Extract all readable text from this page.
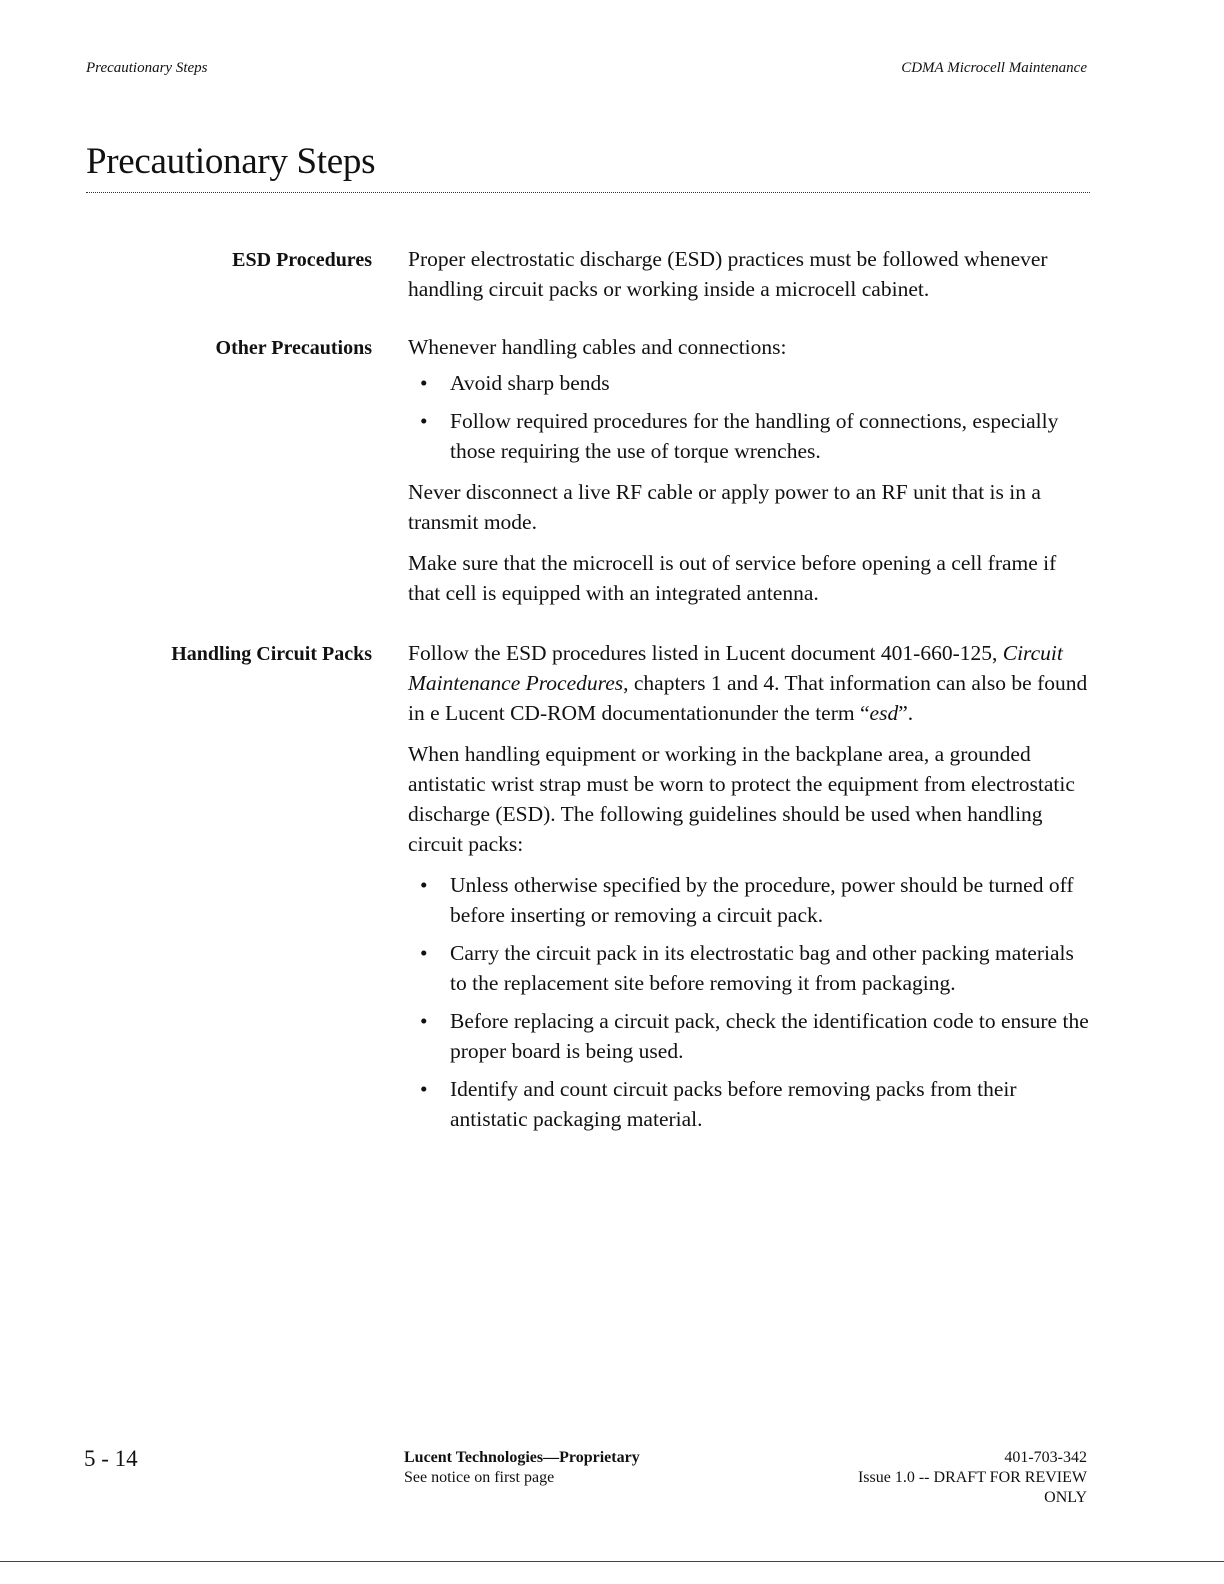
Precautionary Steps	CDMA Microcell Maintenance
Precautionary Steps
ESD Procedures Proper electrostatic discharge (ESD) practices must be followed whenever handling circuit packs or working inside a microcell cabinet.

Other Precautions Whenever handling cables and connections:

• Avoid sharp bends
• Follow required procedures for the handling of connections, especially those requiring the use of torque wrenches.

Never disconnect a live RF cable or apply power to an RF unit that is in a transmit mode.

Make sure that the microcell is out of service before opening a cell frame if that cell is equipped with an integrated antenna.

Handling Circuit Packs Follow the ESD procedures listed in Lucent document 401-660-125, Circuit Maintenance Procedures, chapters 1 and 4. That information can also be found in e Lucent CD-ROM documentationunder the term “esd”.

When handling equipment or working in the backplane area, a grounded antistatic wrist strap must be worn to protect the equipment from electrostatic discharge (ESD). The following guidelines should be used when handling circuit packs:

• Unless otherwise specified by the procedure, power should be turned off before inserting or removing a circuit pack.
• Carry the circuit pack in its electrostatic bag and other packing materials to the replacement site before removing it from packaging.
• Before replacing a circuit pack, check the identification code to ensure the proper board is being used.
• Identify and count circuit packs before removing packs from their antistatic packaging material.
5 - 14	Lucent Technologies—Proprietary
See notice on first page
401-703-342
Issue 1.0 -- DRAFT FOR REVIEW
ONLY
